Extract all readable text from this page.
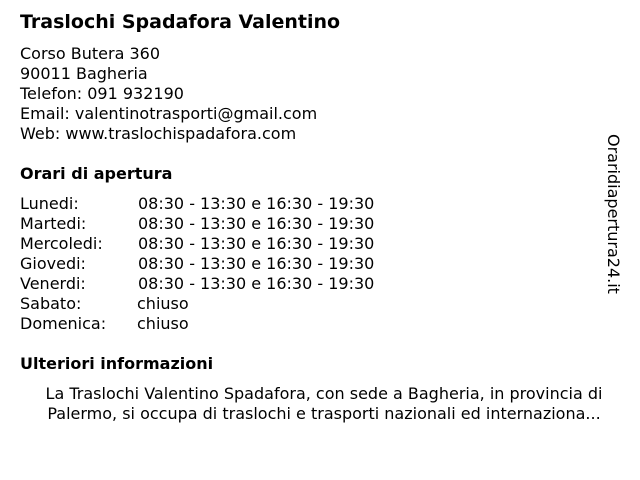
Traslochi Spadafora Valentino
Corso Butera 360
90011 Bagheria
Telefon: 091 932190
Email: valentinotrasporti@gmail.com
Web: www.traslochispadafora.com
Orari di apertura
Lunedi:	08:30 - 13:30 e 16:30 - 19:30
Martedi:	08:30 - 13:30 e 16:30 - 19:30
Mercoledi: 08:30 - 13:30 e 16:30 - 19:30
Giovedi:	08:30 - 13:30 e 16:30 - 19:30
Venerdi:	08:30 - 13:30 e 16:30 - 19:30
Sabato:	chiuso
Domenica: chiuso
Ulteriori informazioni
La Traslochi Valentino Spadafora, con sede a Bagheria, in provincia di
Palermo, si occupa di traslochi e trasporti nazionali ed internaziona...
Oraridiapertura24.it
